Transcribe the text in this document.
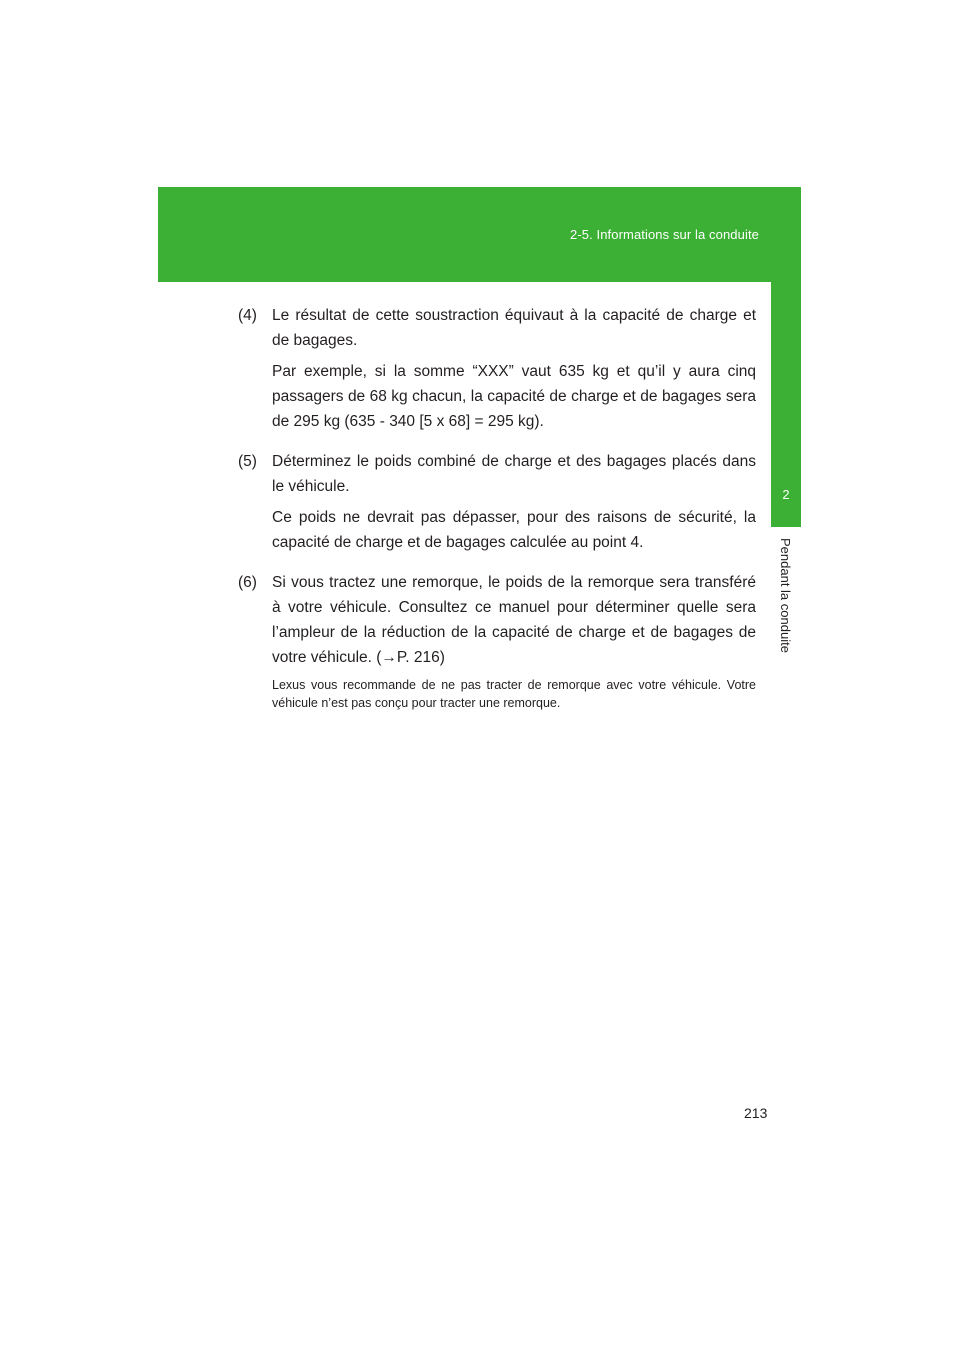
2-5. Informations sur la conduite
2
Pendant la conduite
(4) Le résultat de cette soustraction équivaut à la capacité de charge et de bagages.

Par exemple, si la somme “XXX” vaut 635 kg et qu’il y aura cinq passagers de 68 kg chacun, la capacité de charge et de bagages sera de 295 kg (635 - 340 [5 x 68] = 295 kg).

(5) Déterminez le poids combiné de charge et des bagages placés dans le véhicule.

Ce poids ne devrait pas dépasser, pour des raisons de sécurité, la capacité de charge et de bagages calculée au point 4.

(6) Si vous tractez une remorque, le poids de la remorque sera transféré à votre véhicule. Consultez ce manuel pour déterminer quelle sera l’ampleur de la réduction de la capacité de charge et de bagages de votre véhicule. (→P. 216)

Lexus vous recommande de ne pas tracter de remorque avec votre véhicule. Votre véhicule n’est pas conçu pour tracter une remorque.

213
